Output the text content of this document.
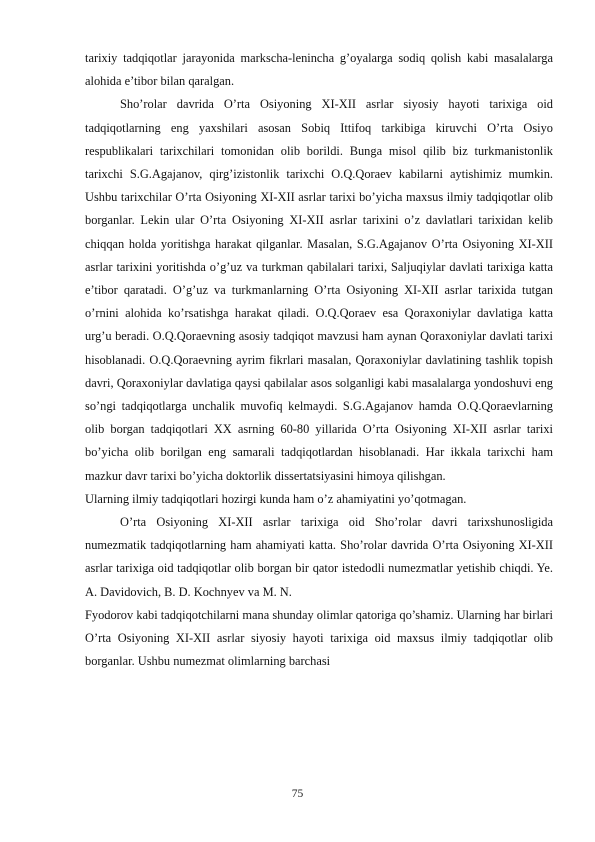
tarixiy tadqiqotlar jarayonida markscha-lenincha g’oyalarga sodiq qolish kabi masalalarga alohida e’tibor bilan qaralgan.

Sho’rolar davrida O’rta Osiyoning XI-XII asrlar siyosiy hayoti tarixiga oid tadqiqotlarning eng yaxshilari asosan Sobiq Ittifoq tarkibiga kiruvchi O’rta Osiyo respublikalari tarixchilari tomonidan olib borildi. Bunga misol qilib biz turkmanistonlik tarixchi S.G.Agajanov, qirg’izistonlik tarixchi O.Q.Qoraev kabilarni aytishimiz mumkin. Ushbu tarixchilar O’rta Osiyoning XI-XII asrlar tarixi bo’yicha maxsus ilmiy tadqiqotlar olib borganlar. Lekin ular O’rta Osiyoning XI-XII asrlar tarixini o’z davlatlari tarixidan kelib chiqqan holda yoritishga harakat qilganlar. Masalan, S.G.Agajanov O’rta Osiyoning XI-XII asrlar tarixini yoritishda o’g’uz va turkman qabilalari tarixi, Saljuqiylar davlati tarixiga katta e’tibor qaratadi. O’g’uz va turkmanlarning O’rta Osiyoning XI-XII asrlar tarixida tutgan o’rnini alohida ko’rsatishga harakat qiladi. O.Q.Qoraev esa Qoraxoniylar davlatiga katta urg’u beradi. O.Q.Qoraevning asosiy tadqiqot mavzusi ham aynan Qoraxoniylar davlati tarixi hisoblanadi. O.Q.Qoraevning ayrim fikrlari masalan, Qoraxoniylar davlatining tashlik topish davri, Qoraxoniylar davlatiga qaysi qabilalar asos solganligi kabi masalalarga yondoshuvi eng so’ngi tadqiqotlarga unchalik muvofiq kelmaydi. S.G.Agajanov hamda O.Q.Qoraevlarning olib borgan tadqiqotlari XX asrning 60-80 yillarida O’rta Osiyoning XI-XII asrlar tarixi bo’yicha olib borilgan eng samarali tadqiqotlardan hisoblanadi. Har ikkala tarixchi ham mazkur davr tarixi bo’yicha doktorlik dissertatsiyasini himoya qilishgan.

Ularning ilmiy tadqiqotlari hozirgi kunda ham o’z ahamiyatini yo’qotmagan.

O’rta Osiyoning XI-XII asrlar tarixiga oid Sho’rolar davri tarixshunosligida numezmatik tadqiqotlarning ham ahamiyati katta. Sho’rolar davrida O’rta Osiyoning XI-XII asrlar tarixiga oid tadqiqotlar olib borgan bir qator istedodli numezmatlar yetishib chiqdi. Ye. A. Davidovich, B. D. Kochnyev va M. N.

Fyodorov kabi tadqiqotchilarni mana shunday olimlar qatoriga qo’shamiz. Ularning har birlari O’rta Osiyoning XI-XII asrlar siyosiy hayoti tarixiga oid maxsus ilmiy tadqiqotlar olib borganlar. Ushbu numezmat olimlarning barchasi

75
